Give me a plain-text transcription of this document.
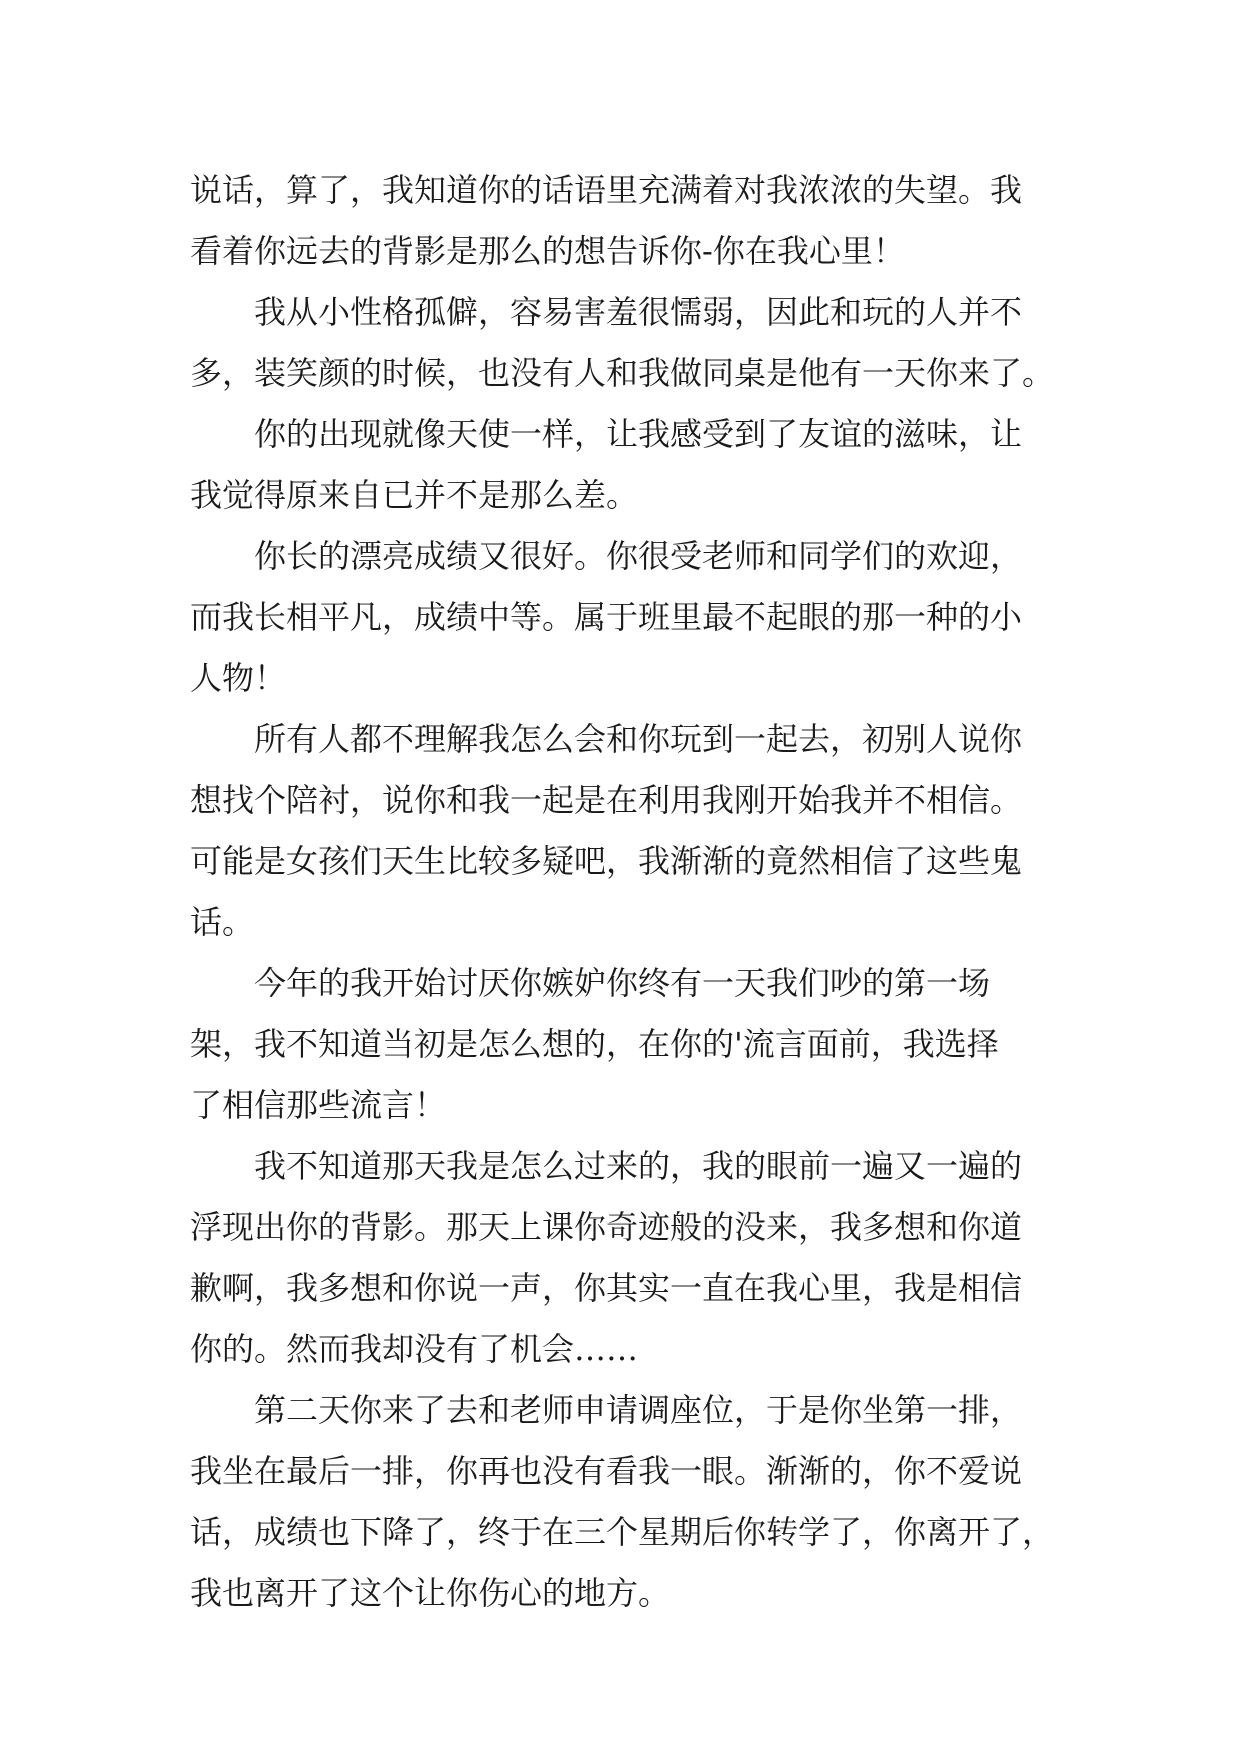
说话，算了，我知道你的话语里充满着对我浓浓的失望。我
看着你远去的背影是那么的想告诉你-你在我心里！
　　我从小性格孤僻，容易害羞很懦弱，因此和玩的人并不
多，装笑颜的时候，也没有人和我做同桌是他有一天你来了。
　　你的出现就像天使一样，让我感受到了友谊的滋味，让
我觉得原来自已并不是那么差。
　　你长的漂亮成绩又很好。你很受老师和同学们的欢迎，
而我长相平凡，成绩中等。属于班里最不起眼的那一种的小
人物！
　　所有人都不理解我怎么会和你玩到一起去，初别人说你
想找个陪衬，说你和我一起是在利用我刚开始我并不相信。
可能是女孩们天生比较多疑吧，我渐渐的竟然相信了这些鬼
话。
　　今年的我开始讨厌你嫉妒你终有一天我们吵的第一场
架，我不知道当初是怎么想的，在你的'流言面前，我选择
了相信那些流言！
　　我不知道那天我是怎么过来的，我的眼前一遍又一遍的
浮现出你的背影。那天上课你奇迹般的没来，我多想和你道
歉啊，我多想和你说一声，你其实一直在我心里，我是相信
你的。然而我却没有了机会……
　　第二天你来了去和老师申请调座位，于是你坐第一排，
我坐在最后一排，你再也没有看我一眼。渐渐的，你不爱说
话，成绩也下降了，终于在三个星期后你转学了，你离开了，
我也离开了这个让你伤心的地方。
